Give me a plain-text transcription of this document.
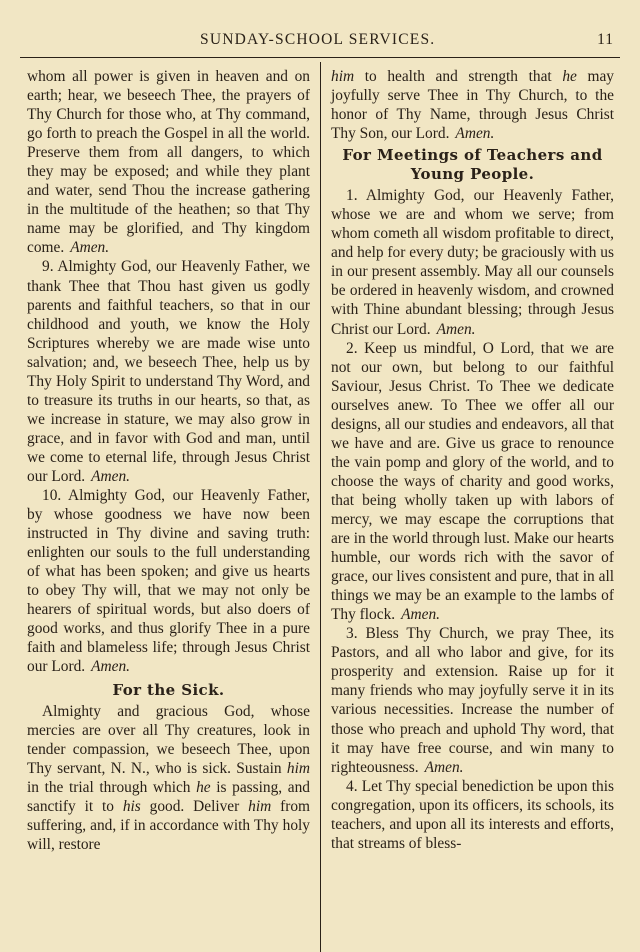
SUNDAY-SCHOOL SERVICES.	11

whom all power is given in heaven and on earth; hear, we beseech Thee, the prayers of Thy Church for those who, at Thy command, go forth to preach the Gospel in all the world. Preserve them from all dangers, to which they may be exposed; and while they plant and water, send Thou the increase gathering in the multitude of the heathen; so that Thy name may be glorified, and Thy kingdom come. Amen.

9. Almighty God, our Heavenly Father, we thank Thee that Thou hast given us godly parents and faithful teachers, so that in our childhood and youth, we know the Holy Scriptures whereby we are made wise unto salvation; and, we beseech Thee, help us by Thy Holy Spirit to understand Thy Word, and to treasure its truths in our hearts, so that, as we increase in stature, we may also grow in grace, and in favor with God and man, until we come to eternal life, through Jesus Christ our Lord. Amen.

10. Almighty God, our Heavenly Father, by whose goodness we have now been instructed in Thy divine and saving truth: enlighten our souls to the full understanding of what has been spoken; and give us hearts to obey Thy will, that we may not only be hearers of spiritual words, but also doers of good works, and thus glorify Thee in a pure faith and blameless life; through Jesus Christ our Lord. Amen.

For the Sick.

Almighty and gracious God, whose mercies are over all Thy creatures, look in tender compassion, we beseech Thee, upon Thy servant, N. N., who is sick. Sustain him in the trial through which he is passing, and sanctify it to his good. Deliver him from suffering, and, if in accordance with Thy holy will, restore

him to health and strength that he may joyfully serve Thee in Thy Church, to the honor of Thy Name, through Jesus Christ Thy Son, our Lord. Amen.

For Meetings of Teachers and
Young People.

1. Almighty God, our Heavenly Father, whose we are and whom we serve; from whom cometh all wisdom profitable to direct, and help for every duty; be graciously with us in our present assembly. May all our counsels be ordered in heavenly wisdom, and crowned with Thine abundant blessing; through Jesus Christ our Lord. Amen.

2. Keep us mindful, O Lord, that we are not our own, but belong to our faithful Saviour, Jesus Christ. To Thee we dedicate ourselves anew. To Thee we offer all our designs, all our studies and endeavors, all that we have and are. Give us grace to renounce the vain pomp and glory of the world, and to choose the ways of charity and good works, that being wholly taken up with labors of mercy, we may escape the corruptions that are in the world through lust. Make our hearts humble, our words rich with the savor of grace, our lives consistent and pure, that in all things we may be an example to the lambs of Thy flock. Amen.

3. Bless Thy Church, we pray Thee, its Pastors, and all who labor and give, for its prosperity and extension. Raise up for it many friends who may joyfully serve it in its various necessities. Increase the number of those who preach and uphold Thy word, that it may have free course, and win many to righteousness. Amen.

4. Let Thy special benediction be upon this congregation, upon its officers, its schools, its teachers, and upon all its interests and efforts, that streams of bless-
